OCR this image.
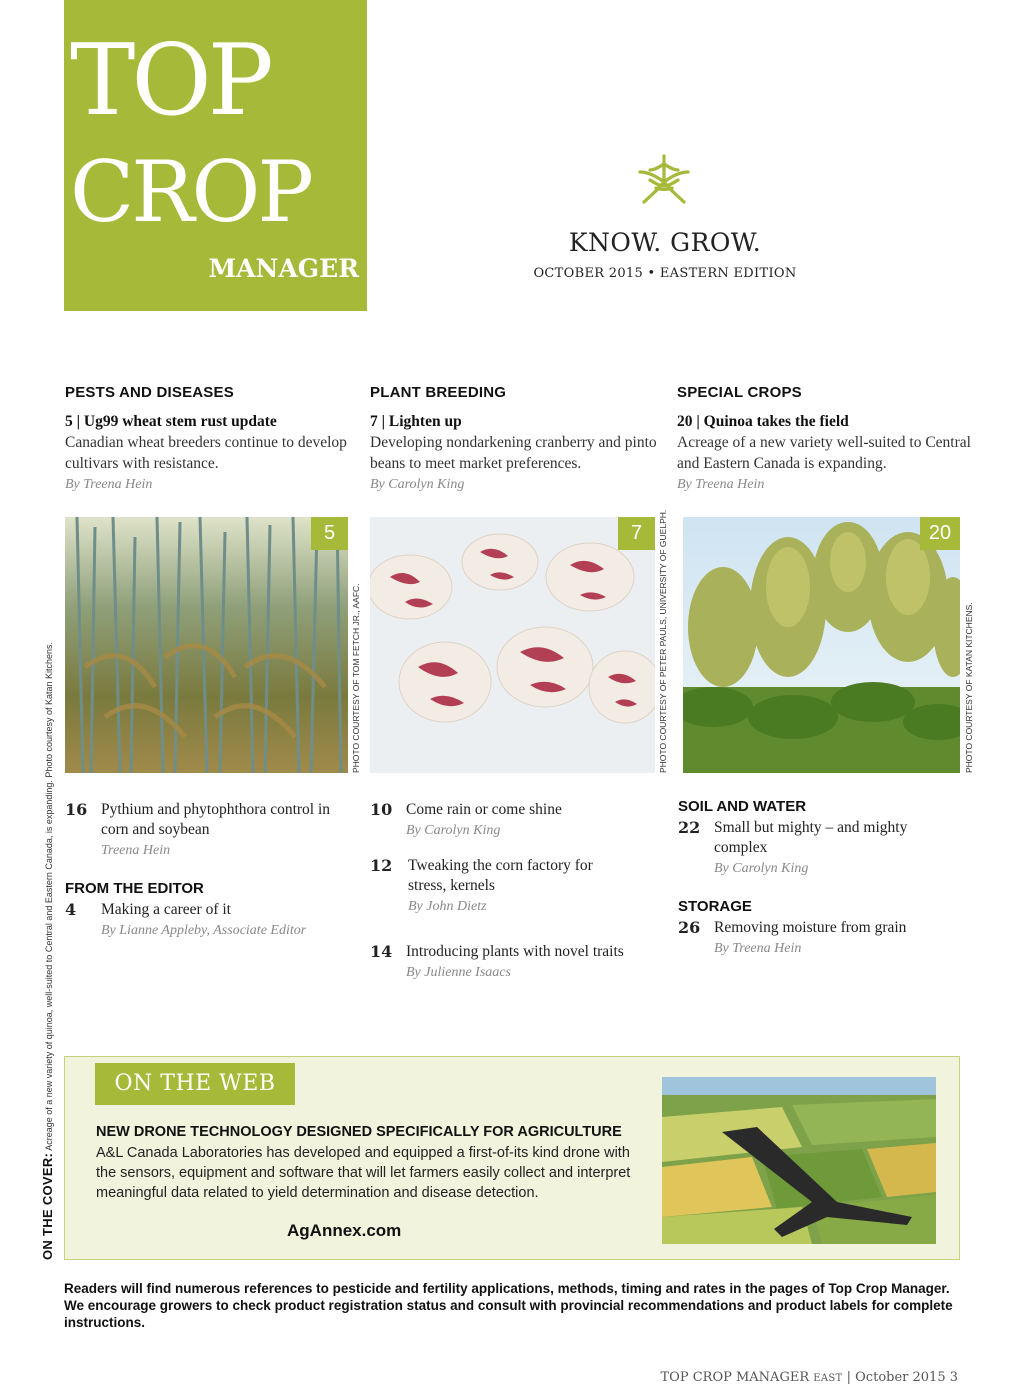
TOP
CROP
MANAGER
KNOW. GROW.
OCTOBER 2015 • EASTERN EDITION
PESTS AND DISEASES
5 | Ug99 wheat stem rust update
Canadian wheat breeders continue to develop cultivars with resistance.
By Treena Hein
PLANT BREEDING
7 | Lighten up
Developing nondarkening cranberry and pinto beans to meet market preferences.
By Carolyn King
SPECIAL CROPS
20 | Quinoa takes the field
Acreage of a new variety well-suited to Central and Eastern Canada is expanding.
By Treena Hein
5
PHOTO COURTESY OF TOM FETCH JR., AAFC.
7	PHOTO COURTESY OF PETER PAULS, UNIVERSITY OF GUELPH.	20
PHOTO COURTESY OF KATAN KITCHENS.
16 Pythium and phytophthora control in corn and soybean
Treena Hein
FROM THE EDITOR
4 Making a career of it
By Lianne Appleby, Associate Editor
10 Come rain or come shine
By Carolyn King
12 Tweaking the corn factory for stress, kernels
By John Dietz
14 Introducing plants with novel traits
By Julienne Isaacs
SOIL AND WATER
22 Small but mighty – and mighty complex
By Carolyn King
STORAGE
26 Removing moisture from grain
By Treena Hein
ON THE COVER: Acreage of a new variety of quinoa, well-suited to Central and Eastern Canada, is expanding. Photo courtesy of Katan Kitchens.	ON THE WEB
NEW DRONE TECHNOLOGY DESIGNED SPECIFICALLY FOR AGRICULTURE
A&L Canada Laboratories has developed and equipped a first-of-its kind drone with the sensors, equipment and software that will let farmers easily collect and interpret meaningful data related to yield determination and disease detection.
AgAnnex.com
Readers will find numerous references to pesticide and fertility applications, methods, timing and rates in the pages of Top Crop Manager. We encourage growers to check product registration status and consult with provincial recommendations and product labels for complete instructions.
TOP CROP MANAGER EAST | October 2015 3
